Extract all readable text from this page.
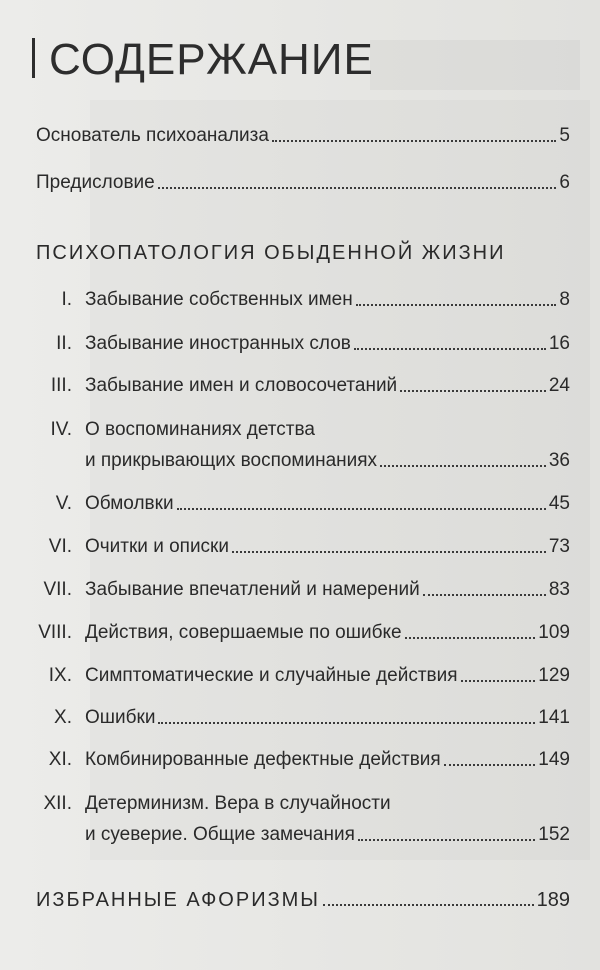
СОДЕРЖАНИЕ
Основатель психоанализа	5
Предисловие	6
ПСИХОПАТОЛОГИЯ ОБЫДЕННОЙ ЖИЗНИ
I. Забывание собственных имен	8
II. Забывание иностранных слов	16
III. Забывание имен и словосочетаний	24
IV. О воспоминаниях детства
и прикрывающих воспоминаниях	36
V. Обмолвки	45
VI. Очитки и описки	73
VII. Забывание впечатлений и намерений	83
VIII. Действия, совершаемые по ошибке	109
IX. Симптоматические и случайные действия	129
X. Ошибки	141
XI. Комбинированные дефектные действия	149
XII. Детерминизм. Вера в случайности
и суеверие. Общие замечания	152
ИЗБРАННЫЕ АФОРИЗМЫ	189
